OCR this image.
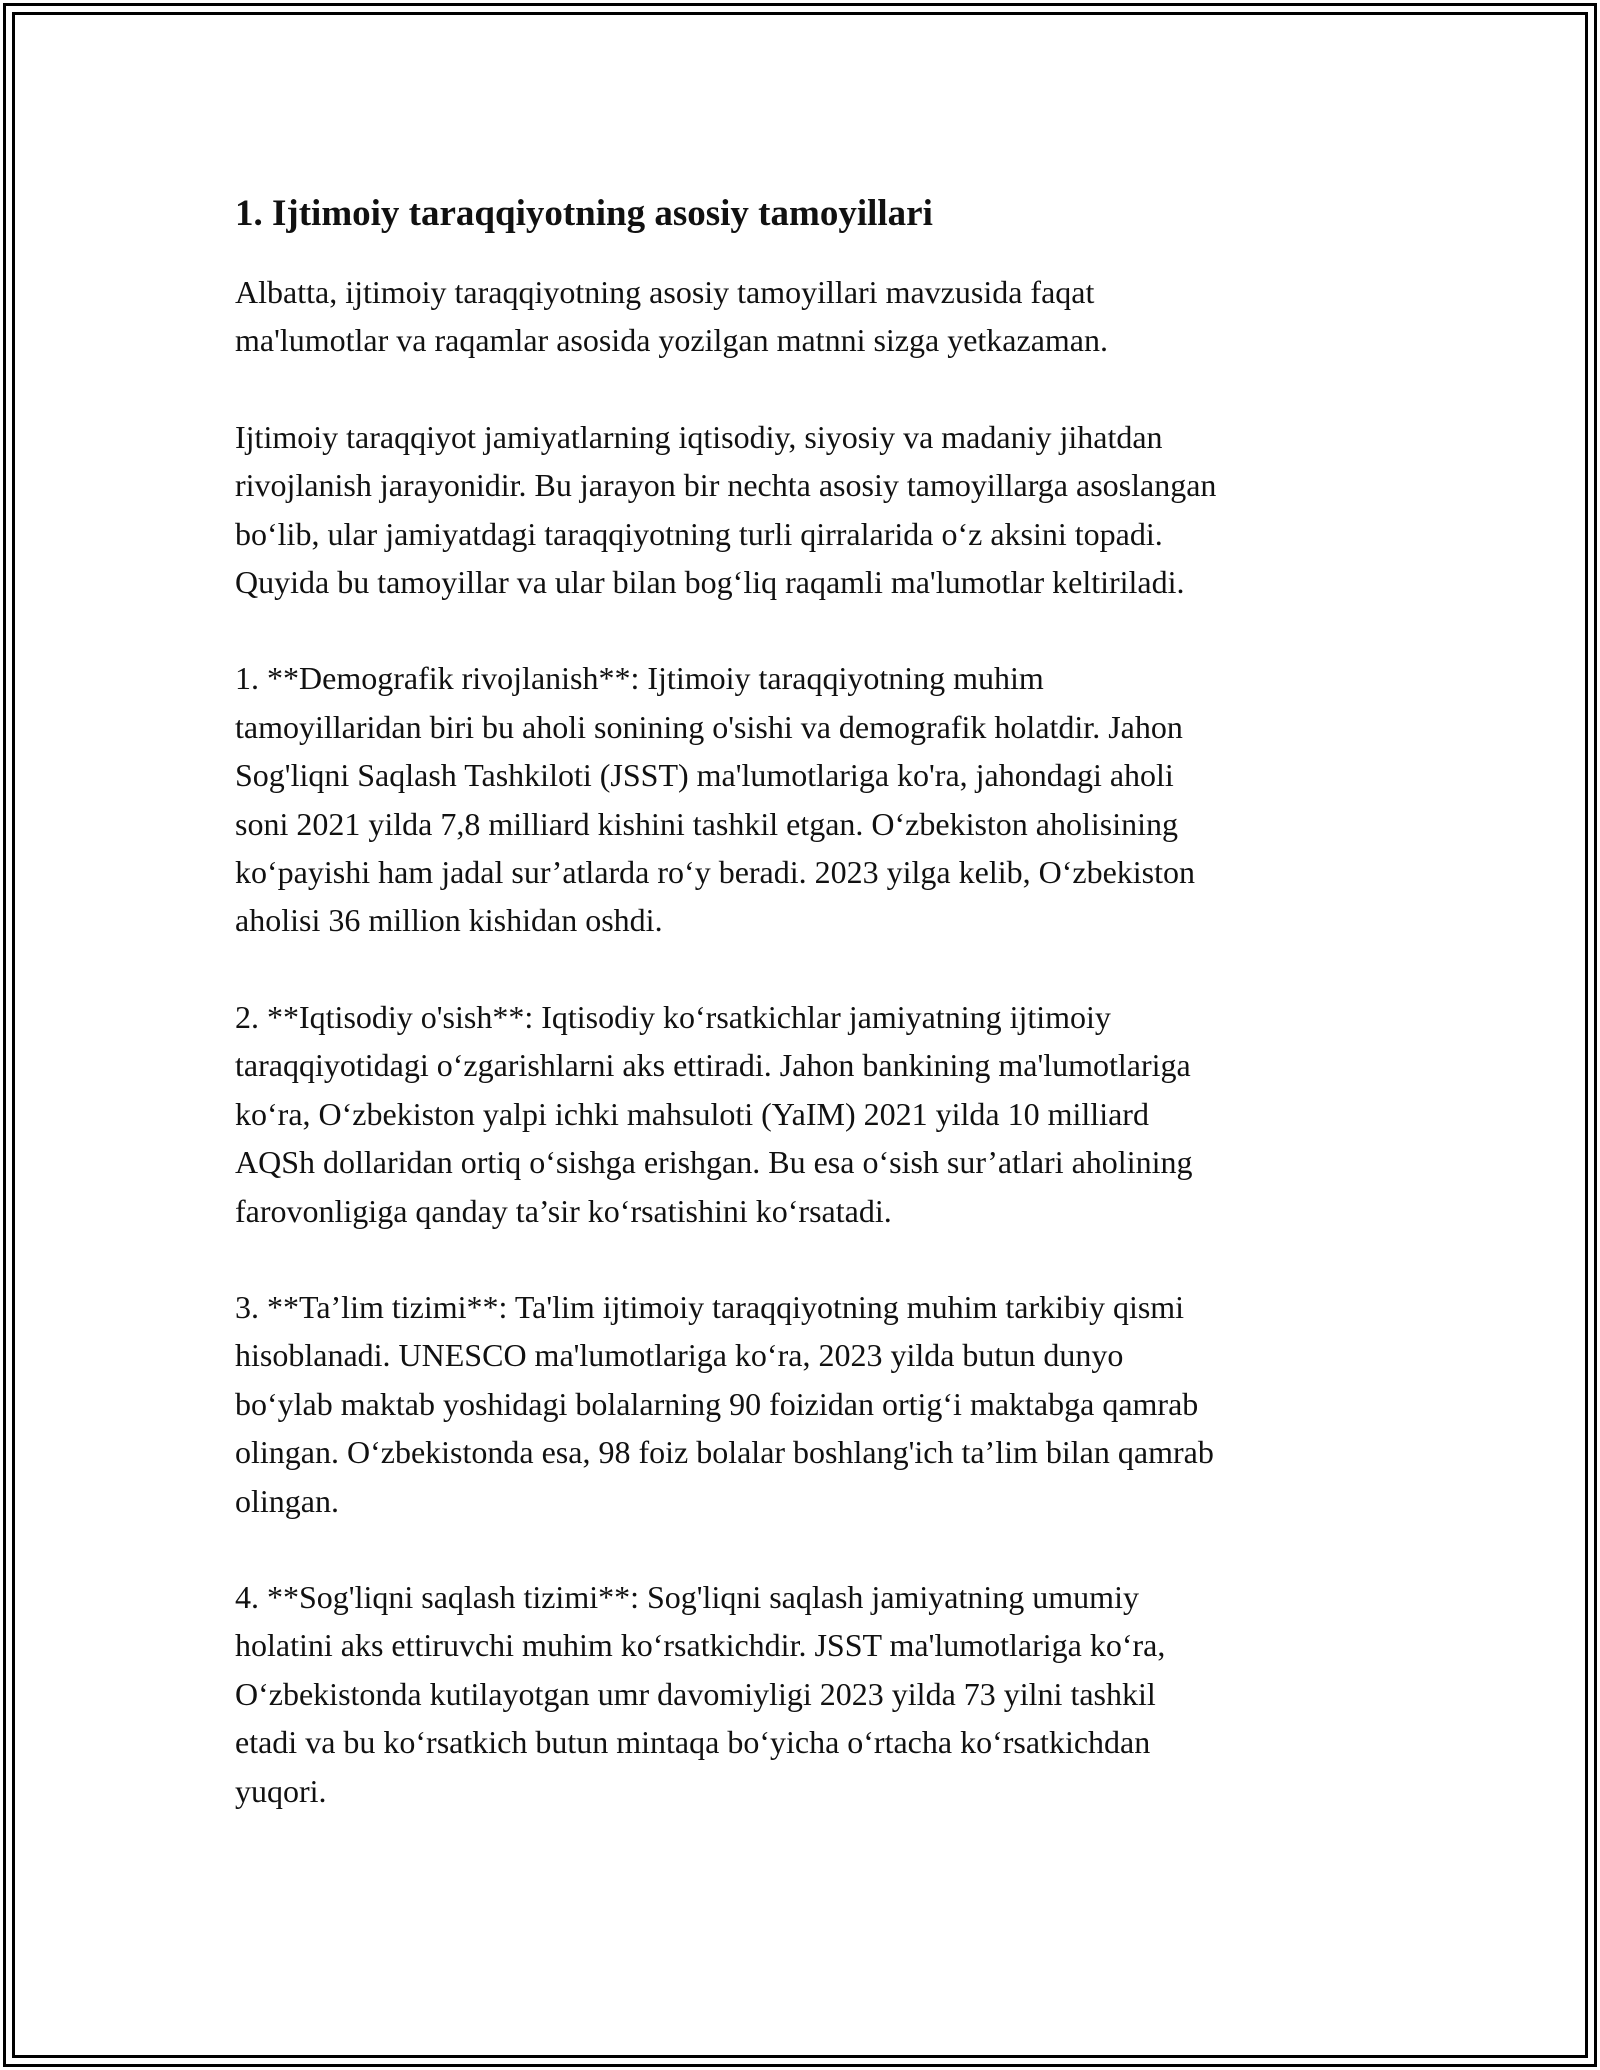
1. Ijtimoiy taraqqiyotning asosiy tamoyillari

Albatta, ijtimoiy taraqqiyotning asosiy tamoyillari mavzusida faqat
ma'lumotlar va raqamlar asosida yozilgan matnni sizga yetkazaman.

Ijtimoiy taraqqiyot jamiyatlarning iqtisodiy, siyosiy va madaniy jihatdan
rivojlanish jarayonidir. Bu jarayon bir nechta asosiy tamoyillarga asoslangan
bo‘lib, ular jamiyatdagi taraqqiyotning turli qirralarida o‘z aksini topadi.
Quyida bu tamoyillar va ular bilan bog‘liq raqamli ma'lumotlar keltiriladi.

1. **Demografik rivojlanish**: Ijtimoiy taraqqiyotning muhim
tamoyillaridan biri bu aholi sonining o'sishi va demografik holatdir. Jahon
Sog'liqni Saqlash Tashkiloti (JSST) ma'lumotlariga ko'ra, jahondagi aholi
soni 2021 yilda 7,8 milliard kishini tashkil etgan. O‘zbekiston aholisining
ko‘payishi ham jadal sur’atlarda ro‘y beradi. 2023 yilga kelib, O‘zbekiston
aholisi 36 million kishidan oshdi.

2. **Iqtisodiy o'sish**: Iqtisodiy ko‘rsatkichlar jamiyatning ijtimoiy
taraqqiyotidagi o‘zgarishlarni aks ettiradi. Jahon bankining ma'lumotlariga
ko‘ra, O‘zbekiston yalpi ichki mahsuloti (YaIM) 2021 yilda 10 milliard
AQSh dollaridan ortiq o‘sishga erishgan. Bu esa o‘sish sur’atlari aholining
farovonligiga qanday ta’sir ko‘rsatishini ko‘rsatadi.

3. **Ta’lim tizimi**: Ta'lim ijtimoiy taraqqiyotning muhim tarkibiy qismi
hisoblanadi. UNESCO ma'lumotlariga ko‘ra, 2023 yilda butun dunyo
bo‘ylab maktab yoshidagi bolalarning 90 foizidan ortig‘i maktabga qamrab
olingan. O‘zbekistonda esa, 98 foiz bolalar boshlang'ich ta’lim bilan qamrab
olingan.

4. **Sog'liqni saqlash tizimi**: Sog'liqni saqlash jamiyatning umumiy
holatini aks ettiruvchi muhim ko‘rsatkichdir. JSST ma'lumotlariga ko‘ra,
O‘zbekistonda kutilayotgan umr davomiyligi 2023 yilda 73 yilni tashkil
etadi va bu ko‘rsatkich butun mintaqa bo‘yicha o‘rtacha ko‘rsatkichdan
yuqori.
